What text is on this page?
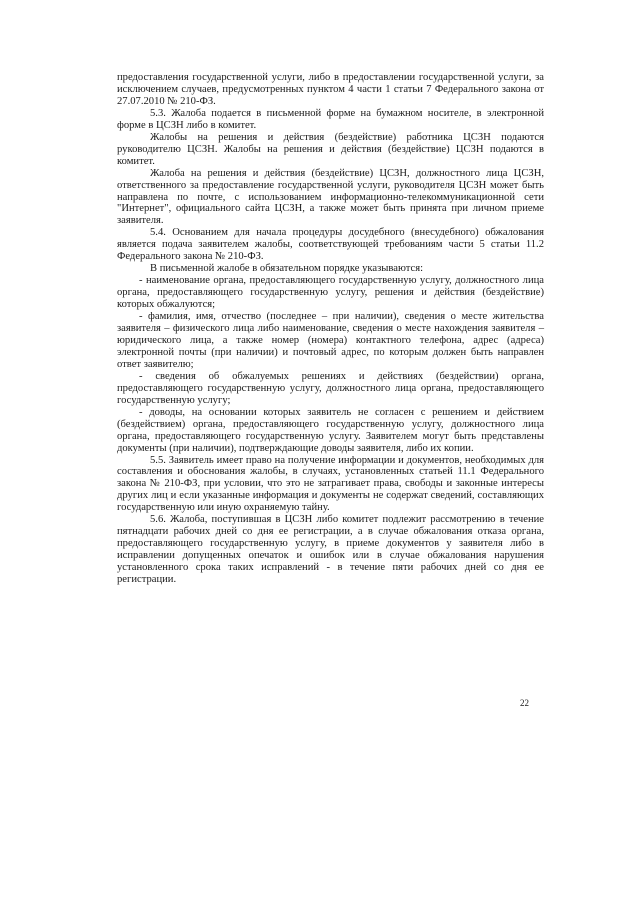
предоставления государственной услуги, либо в предоставлении государственной услуги, за исключением случаев, предусмотренных пунктом 4 части 1 статьи 7 Федерального закона от 27.07.2010 № 210-ФЗ.

5.3. Жалоба подается в письменной форме на бумажном носителе, в электронной форме в ЦСЗН либо в комитет.

Жалобы на решения и действия (бездействие) работника ЦСЗН подаются руководителю ЦСЗН. Жалобы на решения и действия (бездействие) ЦСЗН подаются в комитет.

Жалоба на решения и действия (бездействие) ЦСЗН, должностного лица ЦСЗН, ответственного за предоставление государственной услуги, руководителя ЦСЗН может быть направлена по почте, с использованием информационно-телекоммуникационной сети "Интернет", официального сайта ЦСЗН, а также может быть принята при личном приеме заявителя.

5.4. Основанием для начала процедуры досудебного (внесудебного) обжалования является подача заявителем жалобы, соответствующей требованиям части 5 статьи 11.2 Федерального закона № 210-ФЗ.

В письменной жалобе в обязательном порядке указываются:

- наименование органа, предоставляющего государственную услугу, должностного лица органа, предоставляющего государственную услугу, решения и действия (бездействие) которых обжалуются;

- фамилия, имя, отчество (последнее – при наличии), сведения о месте жительства заявителя – физического лица либо наименование, сведения о месте нахождения заявителя – юридического лица, а также номер (номера) контактного телефона, адрес (адреса) электронной почты (при наличии) и почтовый адрес, по которым должен быть направлен ответ заявителю;

- сведения об обжалуемых решениях и действиях (бездействии) органа, предоставляющего государственную услугу, должностного лица органа, предоставляющего государственную услугу;

- доводы, на основании которых заявитель не согласен с решением и действием (бездействием) органа, предоставляющего государственную услугу, должностного лица органа, предоставляющего государственную услугу. Заявителем могут быть представлены документы (при наличии), подтверждающие доводы заявителя, либо их копии.

5.5. Заявитель имеет право на получение информации и документов, необходимых для составления и обоснования жалобы, в случаях, установленных статьей 11.1 Федерального закона № 210-ФЗ, при условии, что это не затрагивает права, свободы и законные интересы других лиц и если указанные информация и документы не содержат сведений, составляющих государственную или иную охраняемую тайну.

5.6. Жалоба, поступившая в ЦСЗН либо комитет подлежит рассмотрению в течение пятнадцати рабочих дней со дня ее регистрации, а в случае обжалования отказа органа, предоставляющего государственную услугу, в приеме документов у заявителя либо в исправлении допущенных опечаток и ошибок или в случае обжалования нарушения установленного срока таких исправлений - в течение пяти рабочих дней со дня ее регистрации.

22
